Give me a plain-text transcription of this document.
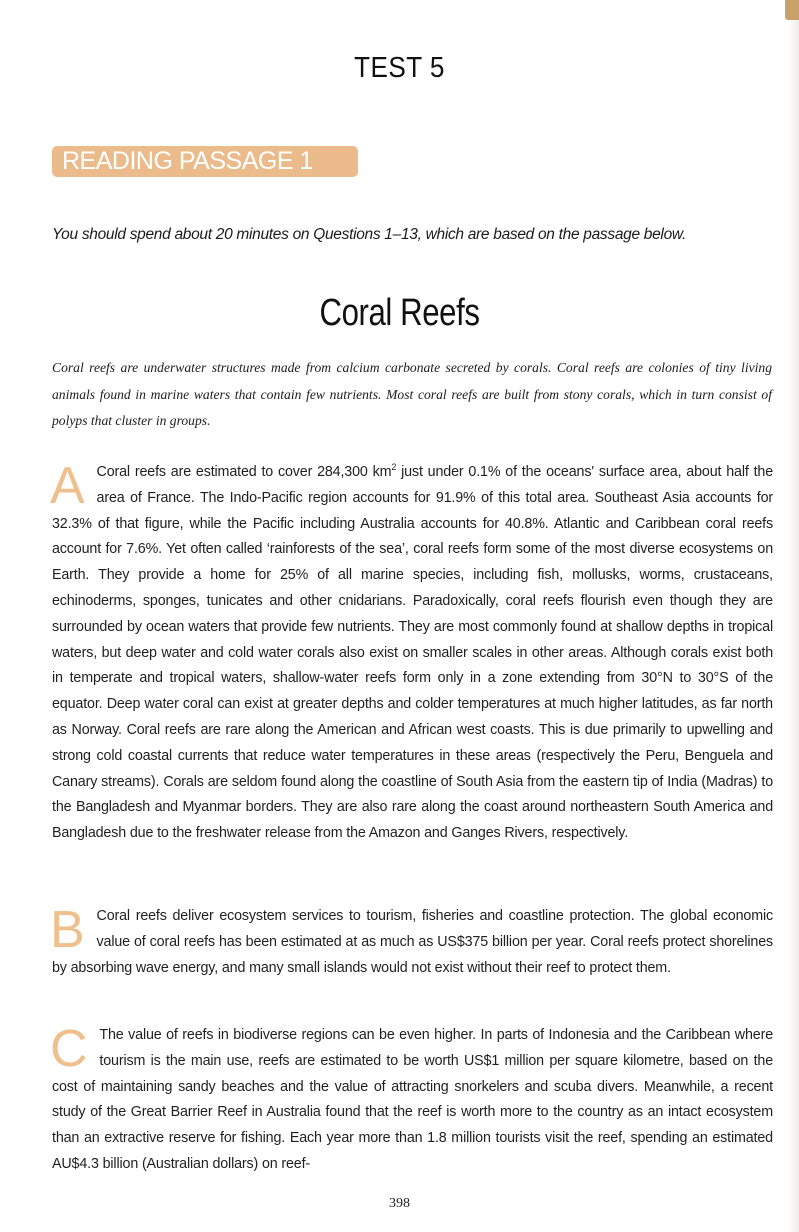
TEST 5
READING PASSAGE 1
You should spend about 20 minutes on Questions 1–13, which are based on the passage below.
Coral Reefs
Coral reefs are underwater structures made from calcium carbonate secreted by corals. Coral reefs are colonies of tiny living animals found in marine waters that contain few nutrients. Most coral reefs are built from stony corals, which in turn consist of polyps that cluster in groups.
A Coral reefs are estimated to cover 284,300 $km^2$ just under 0.1% of the oceans' surface area, about half the area of France. The Indo-Pacific region accounts for 91.9% of this total area. Southeast Asia accounts for 32.3% of that figure, while the Pacific including Australia accounts for 40.8%. Atlantic and Caribbean coral reefs account for 7.6%. Yet often called ‘rainforests of the sea’, coral reefs form some of the most diverse ecosystems on Earth. They provide a home for 25% of all marine species, including fish, mollusks, worms, crustaceans, echinoderms, sponges, tunicates and other cnidarians. Paradoxically, coral reefs flourish even though they are surrounded by ocean waters that provide few nutrients. They are most commonly found at shallow depths in tropical waters, but deep water and cold water corals also exist on smaller scales in other areas. Although corals exist both in temperate and tropical waters, shallow-water reefs form only in a zone extending from 30°N to 30°S of the equator. Deep water coral can exist at greater depths and colder temperatures at much higher latitudes, as far north as Norway. Coral reefs are rare along the American and African west coasts. This is due primarily to upwelling and strong cold coastal currents that reduce water temperatures in these areas (respectively the Peru, Benguela and Canary streams). Corals are seldom found along the coastline of South Asia from the eastern tip of India (Madras) to the Bangladesh and Myanmar borders. They are also rare along the coast around northeastern South America and Bangladesh due to the freshwater release from the Amazon and Ganges Rivers, respectively.
B Coral reefs deliver ecosystem services to tourism, fisheries and coastline protection. The global economic value of coral reefs has been estimated at as much as US$375 billion per year. Coral reefs protect shorelines by absorbing wave energy, and many small islands would not exist without their reef to protect them.
C The value of reefs in biodiverse regions can be even higher. In parts of Indonesia and the Caribbean where tourism is the main use, reefs are estimated to be worth US$1 million per square kilometre, based on the cost of maintaining sandy beaches and the value of attracting snorkelers and scuba divers. Meanwhile, a recent study of the Great Barrier Reef in Australia found that the reef is worth more to the country as an intact ecosystem than an extractive reserve for fishing. Each year more than 1.8 million tourists visit the reef, spending an estimated AU$4.3 billion (Australian dollars) on reef-
398
